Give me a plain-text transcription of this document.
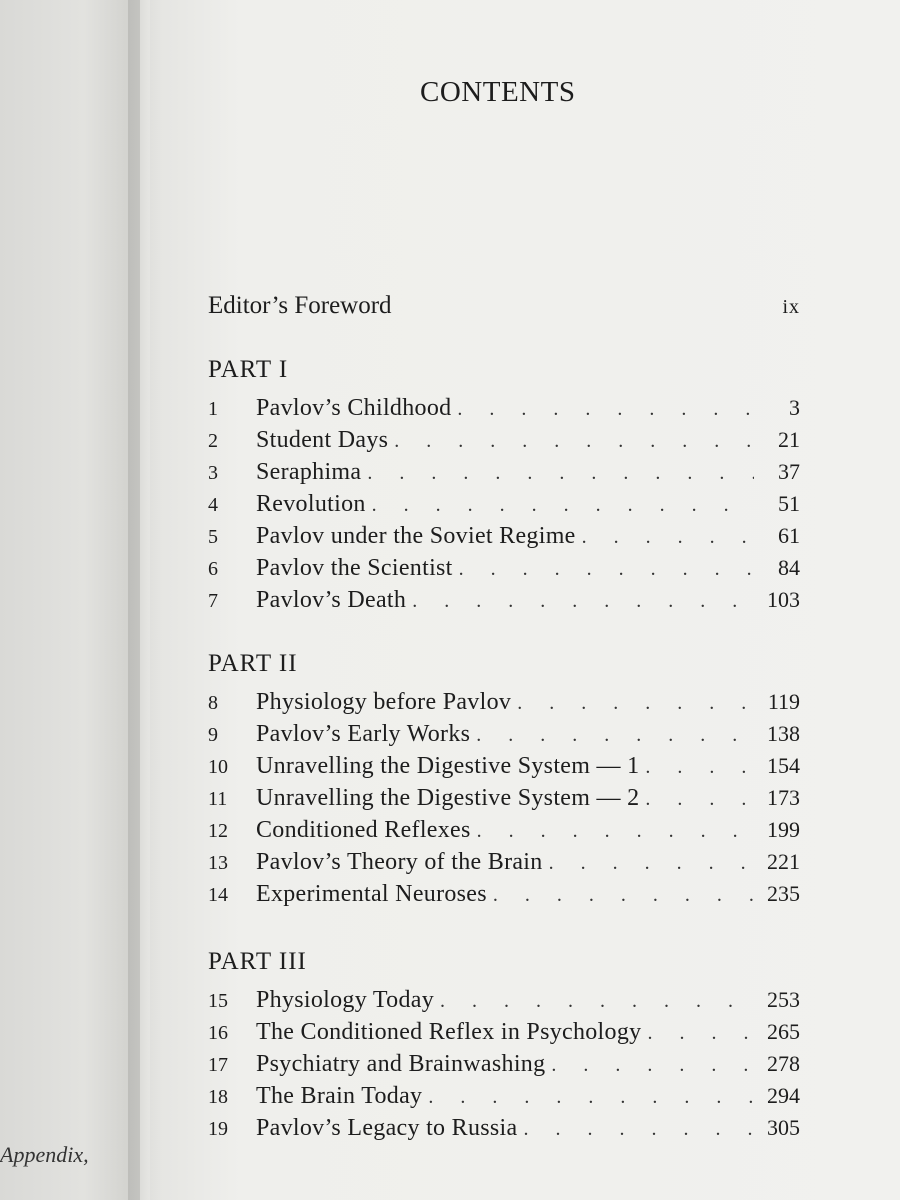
CONTENTS
Editor’s Foreword	ix
PART I
1	Pavlov’s Childhood . . .	3
2	Student Days . . .	21
3	Seraphima . . .	37
4	Revolution . . .	51
5	Pavlov under the Soviet Regime . . .	61
6	Pavlov the Scientist . . .	84
7	Pavlov’s Death . . .	103
PART II
8	Physiology before Pavlov . . .	119
9	Pavlov’s Early Works . . .	138
10	Unravelling the Digestive System — 1 . . .	154
11	Unravelling the Digestive System — 2 . . .	173
12	Conditioned Reflexes . . .	199
13	Pavlov’s Theory of the Brain . . .	221
14	Experimental Neuroses . . .	235
PART III
15	Physiology Today . . .	253
16	The Conditioned Reflex in Psychology . . .	265
17	Psychiatry and Brainwashing . . .	278
18	The Brain Today . . .	294
19	Pavlov’s Legacy to Russia . . .	305
Appendix,
